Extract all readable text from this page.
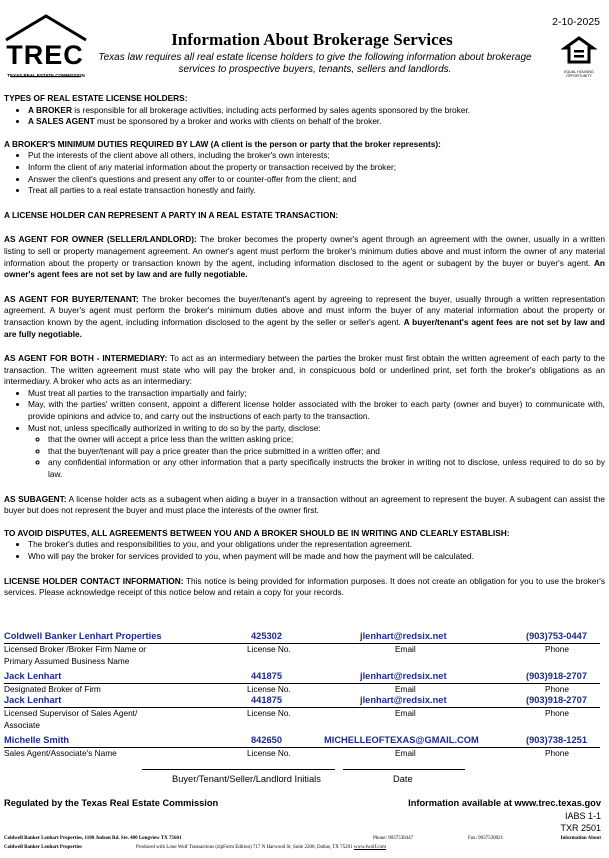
TREC
TEXAS REAL ESTATE COMMISSION
2-10-2025
EQUAL HOUSING OPPORTUNITY
Information About Brokerage Services
Texas law requires all real estate license holders to give the following information about brokerage services to prospective buyers, tenants, sellers and landlords.

TYPES OF REAL ESTATE LICENSE HOLDERS:

• A BROKER is responsible for all brokerage activities, including acts performed by sales agents sponsored by the broker.
• A SALES AGENT must be sponsored by a broker and works with clients on behalf of the broker.

A BROKER'S MINIMUM DUTIES REQUIRED BY LAW (A client is the person or party that the broker represents):

• Put the interests of the client above all others, including the broker's own interests;
• Inform the client of any material information about the property or transaction received by the broker;
• Answer the client's questions and present any offer to or counter-offer from the client; and
• Treat all parties to a real estate transaction honestly and fairly.

A LICENSE HOLDER CAN REPRESENT A PARTY IN A REAL ESTATE TRANSACTION:

AS AGENT FOR OWNER (SELLER/LANDLORD): The broker becomes the property owner's agent through an agreement with the owner, usually in a written listing to sell or property management agreement. An owner's agent must perform the broker's minimum duties above and must inform the owner of any material information about the property or transaction known by the agent, including information disclosed to the agent or subagent by the buyer or buyer's agent. An owner's agent fees are not set by law and are fully negotiable.

AS AGENT FOR BUYER/TENANT: The broker becomes the buyer/tenant's agent by agreeing to represent the buyer, usually through a written representation agreement. A buyer's agent must perform the broker's minimum duties above and must inform the buyer of any material information about the property or transaction known by the agent, including information disclosed to the agent by the seller or seller's agent. A buyer/tenant's agent fees are not set by law and are fully negotiable.

AS AGENT FOR BOTH - INTERMEDIARY: To act as an intermediary between the parties the broker must first obtain the written agreement of each party to the transaction. The written agreement must state who will pay the broker and, in conspicuous bold or underlined print, set forth the broker's obligations as an intermediary. A broker who acts as an intermediary:

• Must treat all parties to the transaction impartially and fairly;
• May, with the parties' written consent, appoint a different license holder associated with the broker to each party (owner and buyer) to communicate with, provide opinions and advice to, and carry out the instructions of each party to the transaction.
• Must not, unless specifically authorized in writing to do so by the party, disclose:
◦ that the owner will accept a price less than the written asking price;
◦ that the buyer/tenant will pay a price greater than the price submitted in a written offer; and
◦ any confidential information or any other information that a party specifically instructs the broker in writing not to disclose, unless required to do so by law.

AS SUBAGENT: A license holder acts as a subagent when aiding a buyer in a transaction without an agreement to represent the buyer. A subagent can assist the buyer but does not represent the buyer and must place the interests of the owner first.

TO AVOID DISPUTES, ALL AGREEMENTS BETWEEN YOU AND A BROKER SHOULD BE IN WRITING AND CLEARLY ESTABLISH:

• The broker's duties and responsibilities to you, and your obligations under the representation agreement.
• Who will pay the broker for services provided to you, when payment will be made and how the payment will be calculated.

LICENSE HOLDER CONTACT INFORMATION: This notice is being provided for information purposes. It does not create an obligation for you to use the broker's services. Please acknowledge receipt of this notice below and retain a copy for your records.

Coldwell Banker Lenhart Properties	425302	jlenhart@redsix.net	(903)753-0447
Licensed Broker /Broker Firm Name or
Primary Assumed Business Name
License No.	Email	Phone
Jack Lenhart	441875	jlenhart@redsix.net	(903)918-2707
Designated Broker of Firm	License No.	Email	Phone
Jack Lenhart	441875	jlenhart@redsix.net	(903)918-2707
Licensed Supervisor of Sales Agent/
Associate
License No.	Email	Phone
Michelle Smith	842650	MICHELLEOFTEXAS@GMAIL.COM	(903)738-1251
Sales Agent/Associate's Name	License No.	Email	Phone
Buyer/Tenant/Seller/Landlord Initials	Date
Regulated by the Texas Real Estate Commission	Information available at www.trec.texas.gov
IABS 1-1
TXR 2501
Coldwell Banker Lenhart Properties, 1100 Judson Rd. Ste. 400 Longview TX 75601	Phone: 9037530447	Fax: 9037530921	Information About
Coldwell Banker Lenhart Properties	Produced with Lone Wolf Transactions (zipForm Edition) 717 N Harwood St, Suite 2200, Dallas, TX 75201 www.lwolf.com
